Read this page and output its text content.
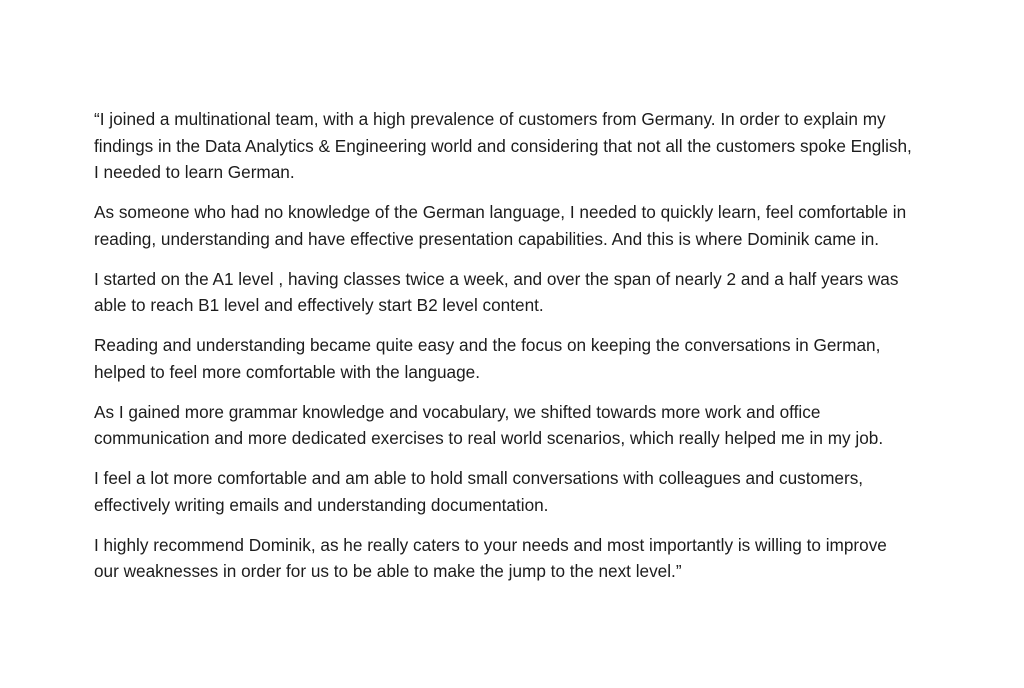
“I joined a multinational team, with a high prevalence of customers from Germany. In order to explain my findings in the Data Analytics & Engineering world and considering that not all the customers spoke English, I needed to learn German.

As someone who had no knowledge of the German language, I needed to quickly learn, feel comfortable in reading, understanding and have effective presentation capabilities. And this is where Dominik came in.

I started on the A1 level , having classes twice a week, and over the span of nearly 2 and a half years was able to reach B1 level and effectively start B2 level content.

Reading and understanding became quite easy and the focus on keeping the conversations in German, helped to feel more comfortable with the language.

As I gained more grammar knowledge and vocabulary, we shifted towards more work and office communication and more dedicated exercises to real world scenarios, which really helped me in my job.

I feel a lot more comfortable and am able to hold small conversations with colleagues and customers, effectively writing emails and understanding documentation.

I highly recommend Dominik, as he really caters to your needs and most importantly is willing to improve our weaknesses in order for us to be able to make the jump to the next level.”
